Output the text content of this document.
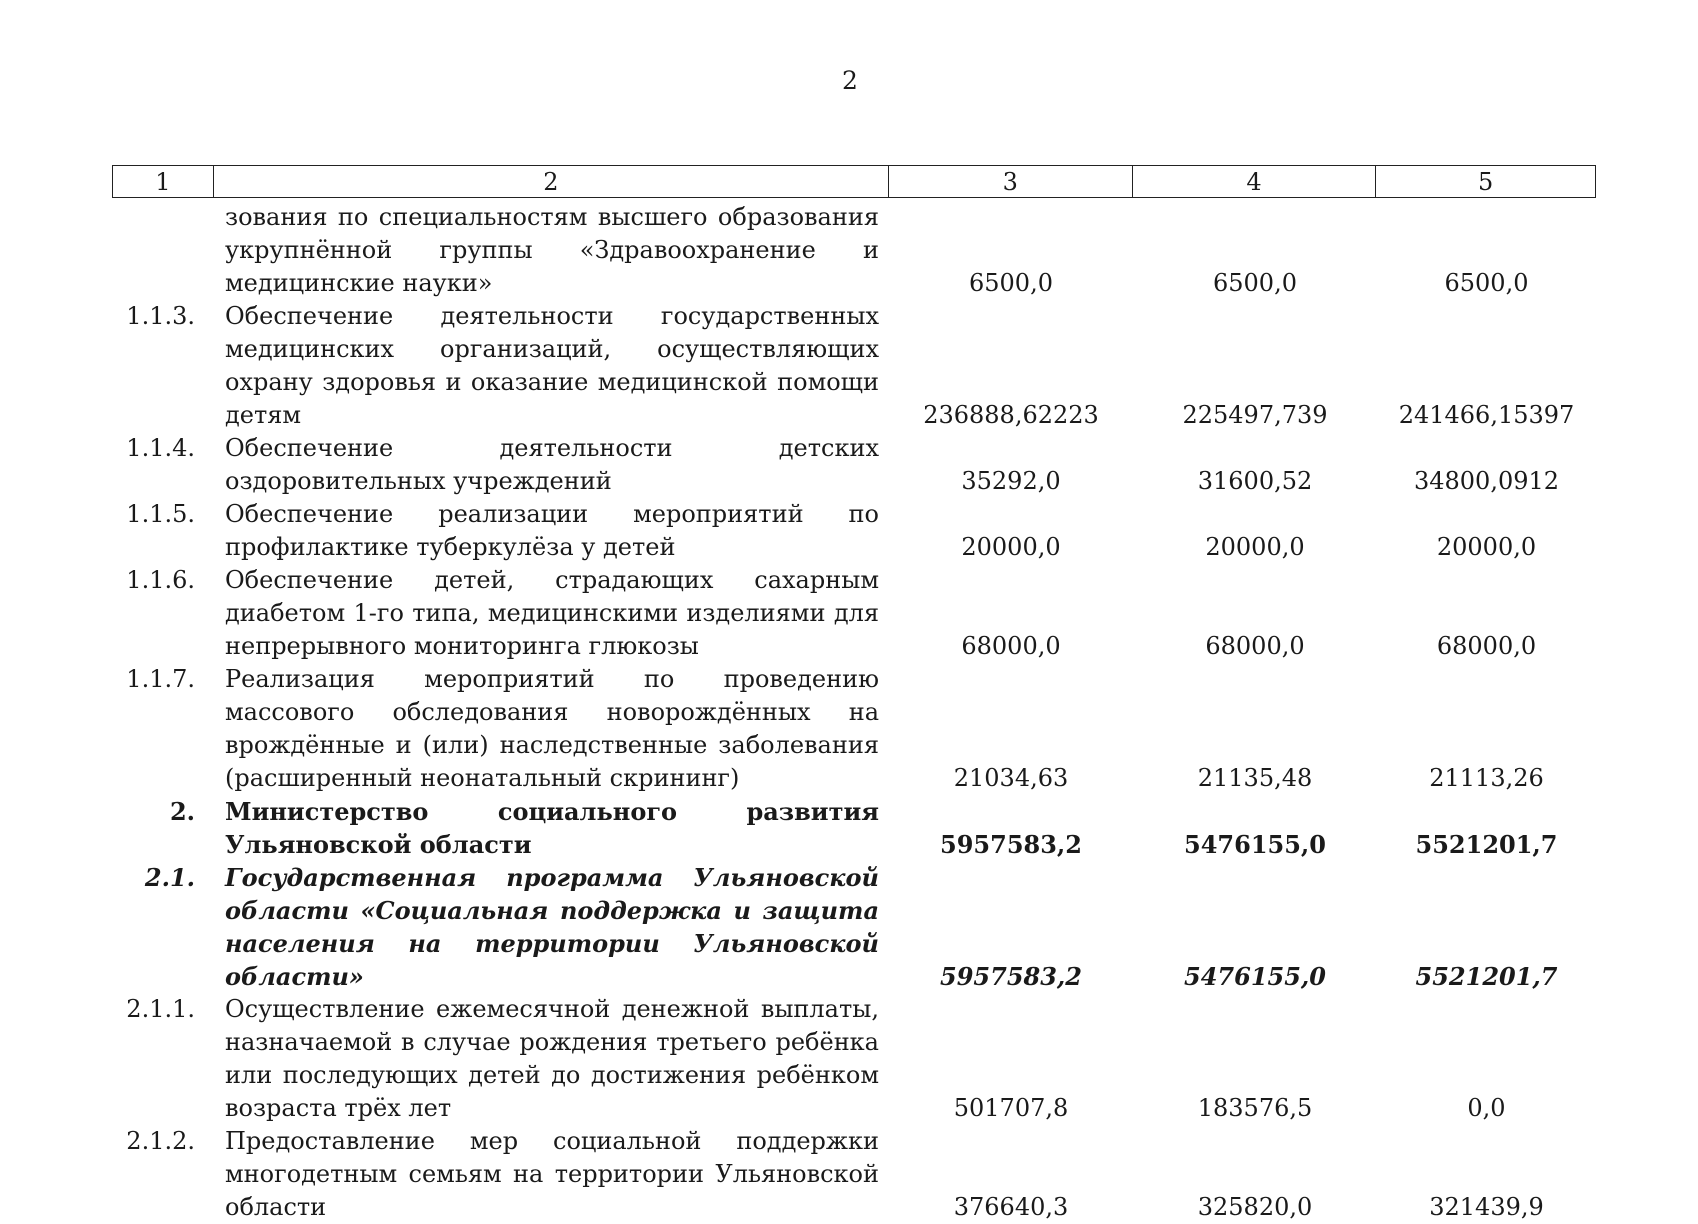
2
1	2	3	4	5
зования по специальностям высшего образования укрупнённой группы «Здравоохранение и медицинские науки»	6500,0	6500,0	6500,0
1.1.3.	Обеспечение деятельности государственных медицинских организаций, осуществляющих охрану здоровья и оказание медицинской помощи детям	236888,62223	225497,739	241466,15397
1.1.4.	Обеспечение деятельности детских оздоровительных учреждений	35292,0	31600,52	34800,0912
1.1.5.	Обеспечение реализации мероприятий по профилактике туберкулёза у детей	20000,0	20000,0	20000,0
1.1.6.	Обеспечение детей, страдающих сахарным диабетом 1-го типа, медицинскими изделиями для непрерывного мониторинга глюкозы	68000,0	68000,0	68000,0
1.1.7.	Реализация мероприятий по проведению массового обследования новорождённых на врождённые и (или) наследственные заболевания (расширенный неонатальный скрининг)	21034,63	21135,48	21113,26
2.	Министерство социального развития Ульяновской области	5957583,2	5476155,0	5521201,7
2.1.	Государственная программа Ульяновской области «Социальная поддержка и защита населения на территории Ульяновской области»	5957583,2	5476155,0	5521201,7
2.1.1.	Осуществление ежемесячной денежной выплаты, назначаемой в случае рождения третьего ребёнка или последующих детей до достижения ребёнком возраста трёх лет	501707,8	183576,5	0,0
2.1.2.	Предоставление мер социальной поддержки многодетным семьям на территории Ульяновской области	376640,3	325820,0	321439,9
